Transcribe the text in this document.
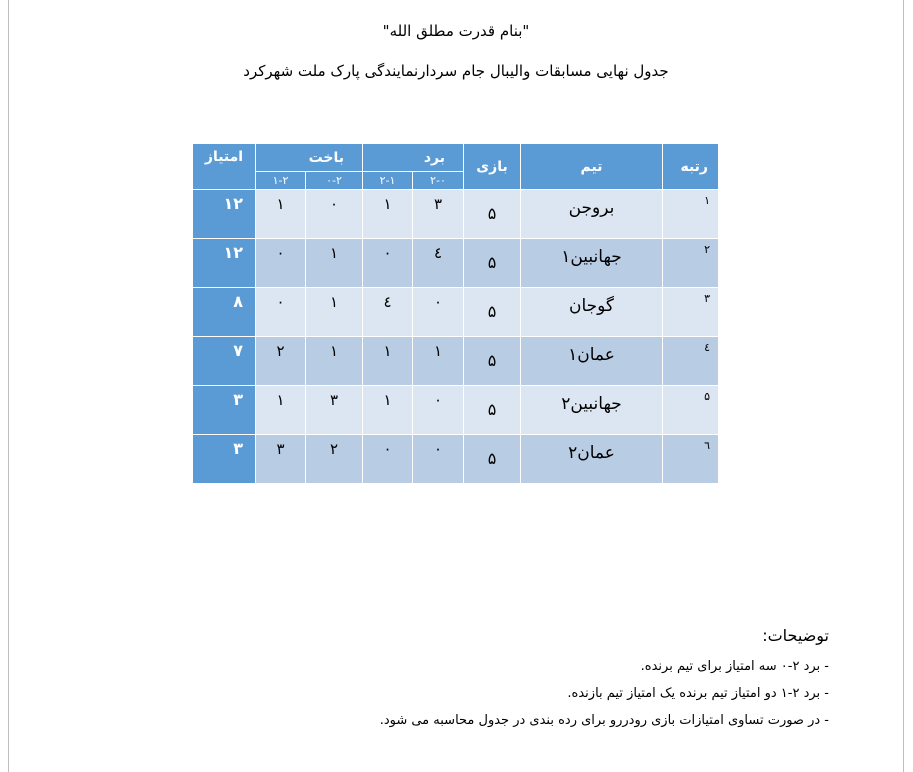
"بنام قدرت مطلق الله"
جدول نهایی مسابقات والیبال جام سردارنمایندگی پارک ملت شهرکرد
رتبه	تیم	بازی	برد		باخت		امتیاز
			۲-۰	۲-۱	۰-۲	۱-۲	
۱	بروجن	۵	۳	۱	۰	۱	۱۲
۲	جهانبین۱	۵	٤	۰	۱	۰	۱۲
۳	گوجان	۵	۰	٤	۱	۰	۸
٤	عمان۱	۵	۱	۱	۱	۲	۷
۵	جهانبین۲	۵	۰	۱	۳	۱	۳
٦	عمان۲	۵	۰	۰	۲	۳	۳
توضیحات:
- برد ۲-۰ سه امتیاز برای تیم برنده.
- برد ۲-۱ دو امتیاز تیم برنده یک امتیاز تیم بازنده.
- در صورت تساوی امتیازات بازی رودررو برای رده بندی در جدول محاسبه می شود.
